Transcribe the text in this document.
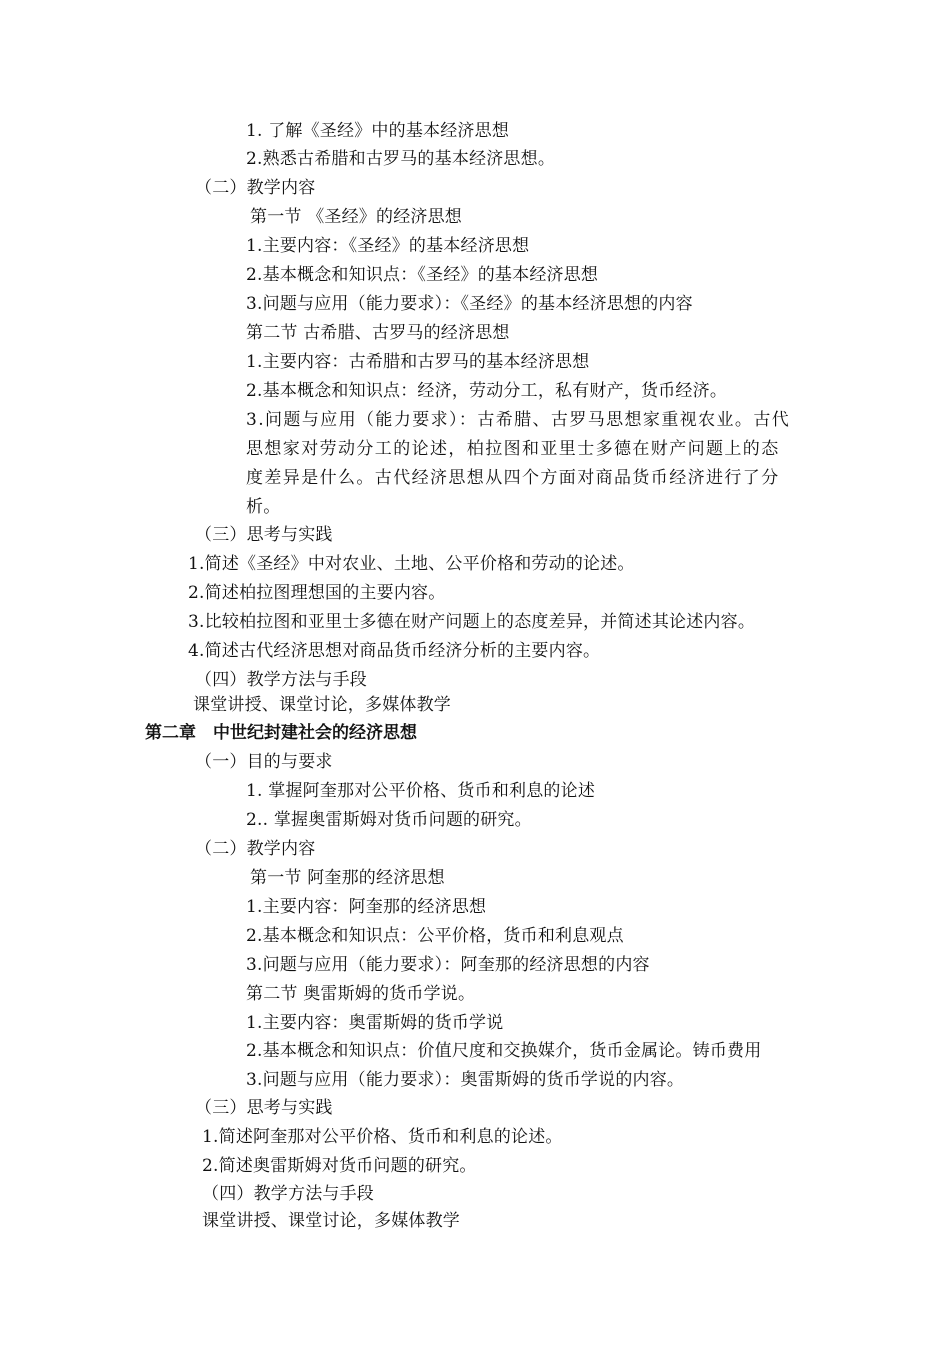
1. 了解《圣经》中的基本经济思想
2.熟悉古希腊和古罗马的基本经济思想。
（二）教学内容
第一节 《圣经》的经济思想
1.主要内容：《圣经》的基本经济思想
2.基本概念和知识点：《圣经》的基本经济思想
3.问题与应用（能力要求）：《圣经》的基本经济思想的内容
第二节 古希腊、古罗马的经济思想
1.主要内容：古希腊和古罗马的基本经济思想
2.基本概念和知识点：经济，劳动分工，私有财产，货币经济。
3.问题与应用（能力要求）：古希腊、古罗马思想家重视农业。古代
思想家对劳动分工的论述，柏拉图和亚里士多德在财产问题上的态
度差异是什么。古代经济思想从四个方面对商品货币经济进行了分
析。
（三）思考与实践
1.简述《圣经》中对农业、土地、公平价格和劳动的论述。
2.简述柏拉图理想国的主要内容。
3.比较柏拉图和亚里士多德在财产问题上的态度差异，并简述其论述内容。
4.简述古代经济思想对商品货币经济分析的主要内容。
（四）教学方法与手段
课堂讲授、课堂讨论，多媒体教学
第二章　中世纪封建社会的经济思想
（一）目的与要求
1. 掌握阿奎那对公平价格、货币和利息的论述
2.. 掌握奥雷斯姆对货币问题的研究。
（二）教学内容
第一节 阿奎那的经济思想
1.主要内容：阿奎那的经济思想
2.基本概念和知识点：公平价格，货币和利息观点
3.问题与应用（能力要求）：阿奎那的经济思想的内容
第二节 奥雷斯姆的货币学说。
1.主要内容：奥雷斯姆的货币学说
2.基本概念和知识点：价值尺度和交换媒介，货币金属论。铸币费用
3.问题与应用（能力要求）：奥雷斯姆的货币学说的内容。
（三）思考与实践
1.简述阿奎那对公平价格、货币和利息的论述。
2.简述奥雷斯姆对货币问题的研究。
（四）教学方法与手段
课堂讲授、课堂讨论，多媒体教学
